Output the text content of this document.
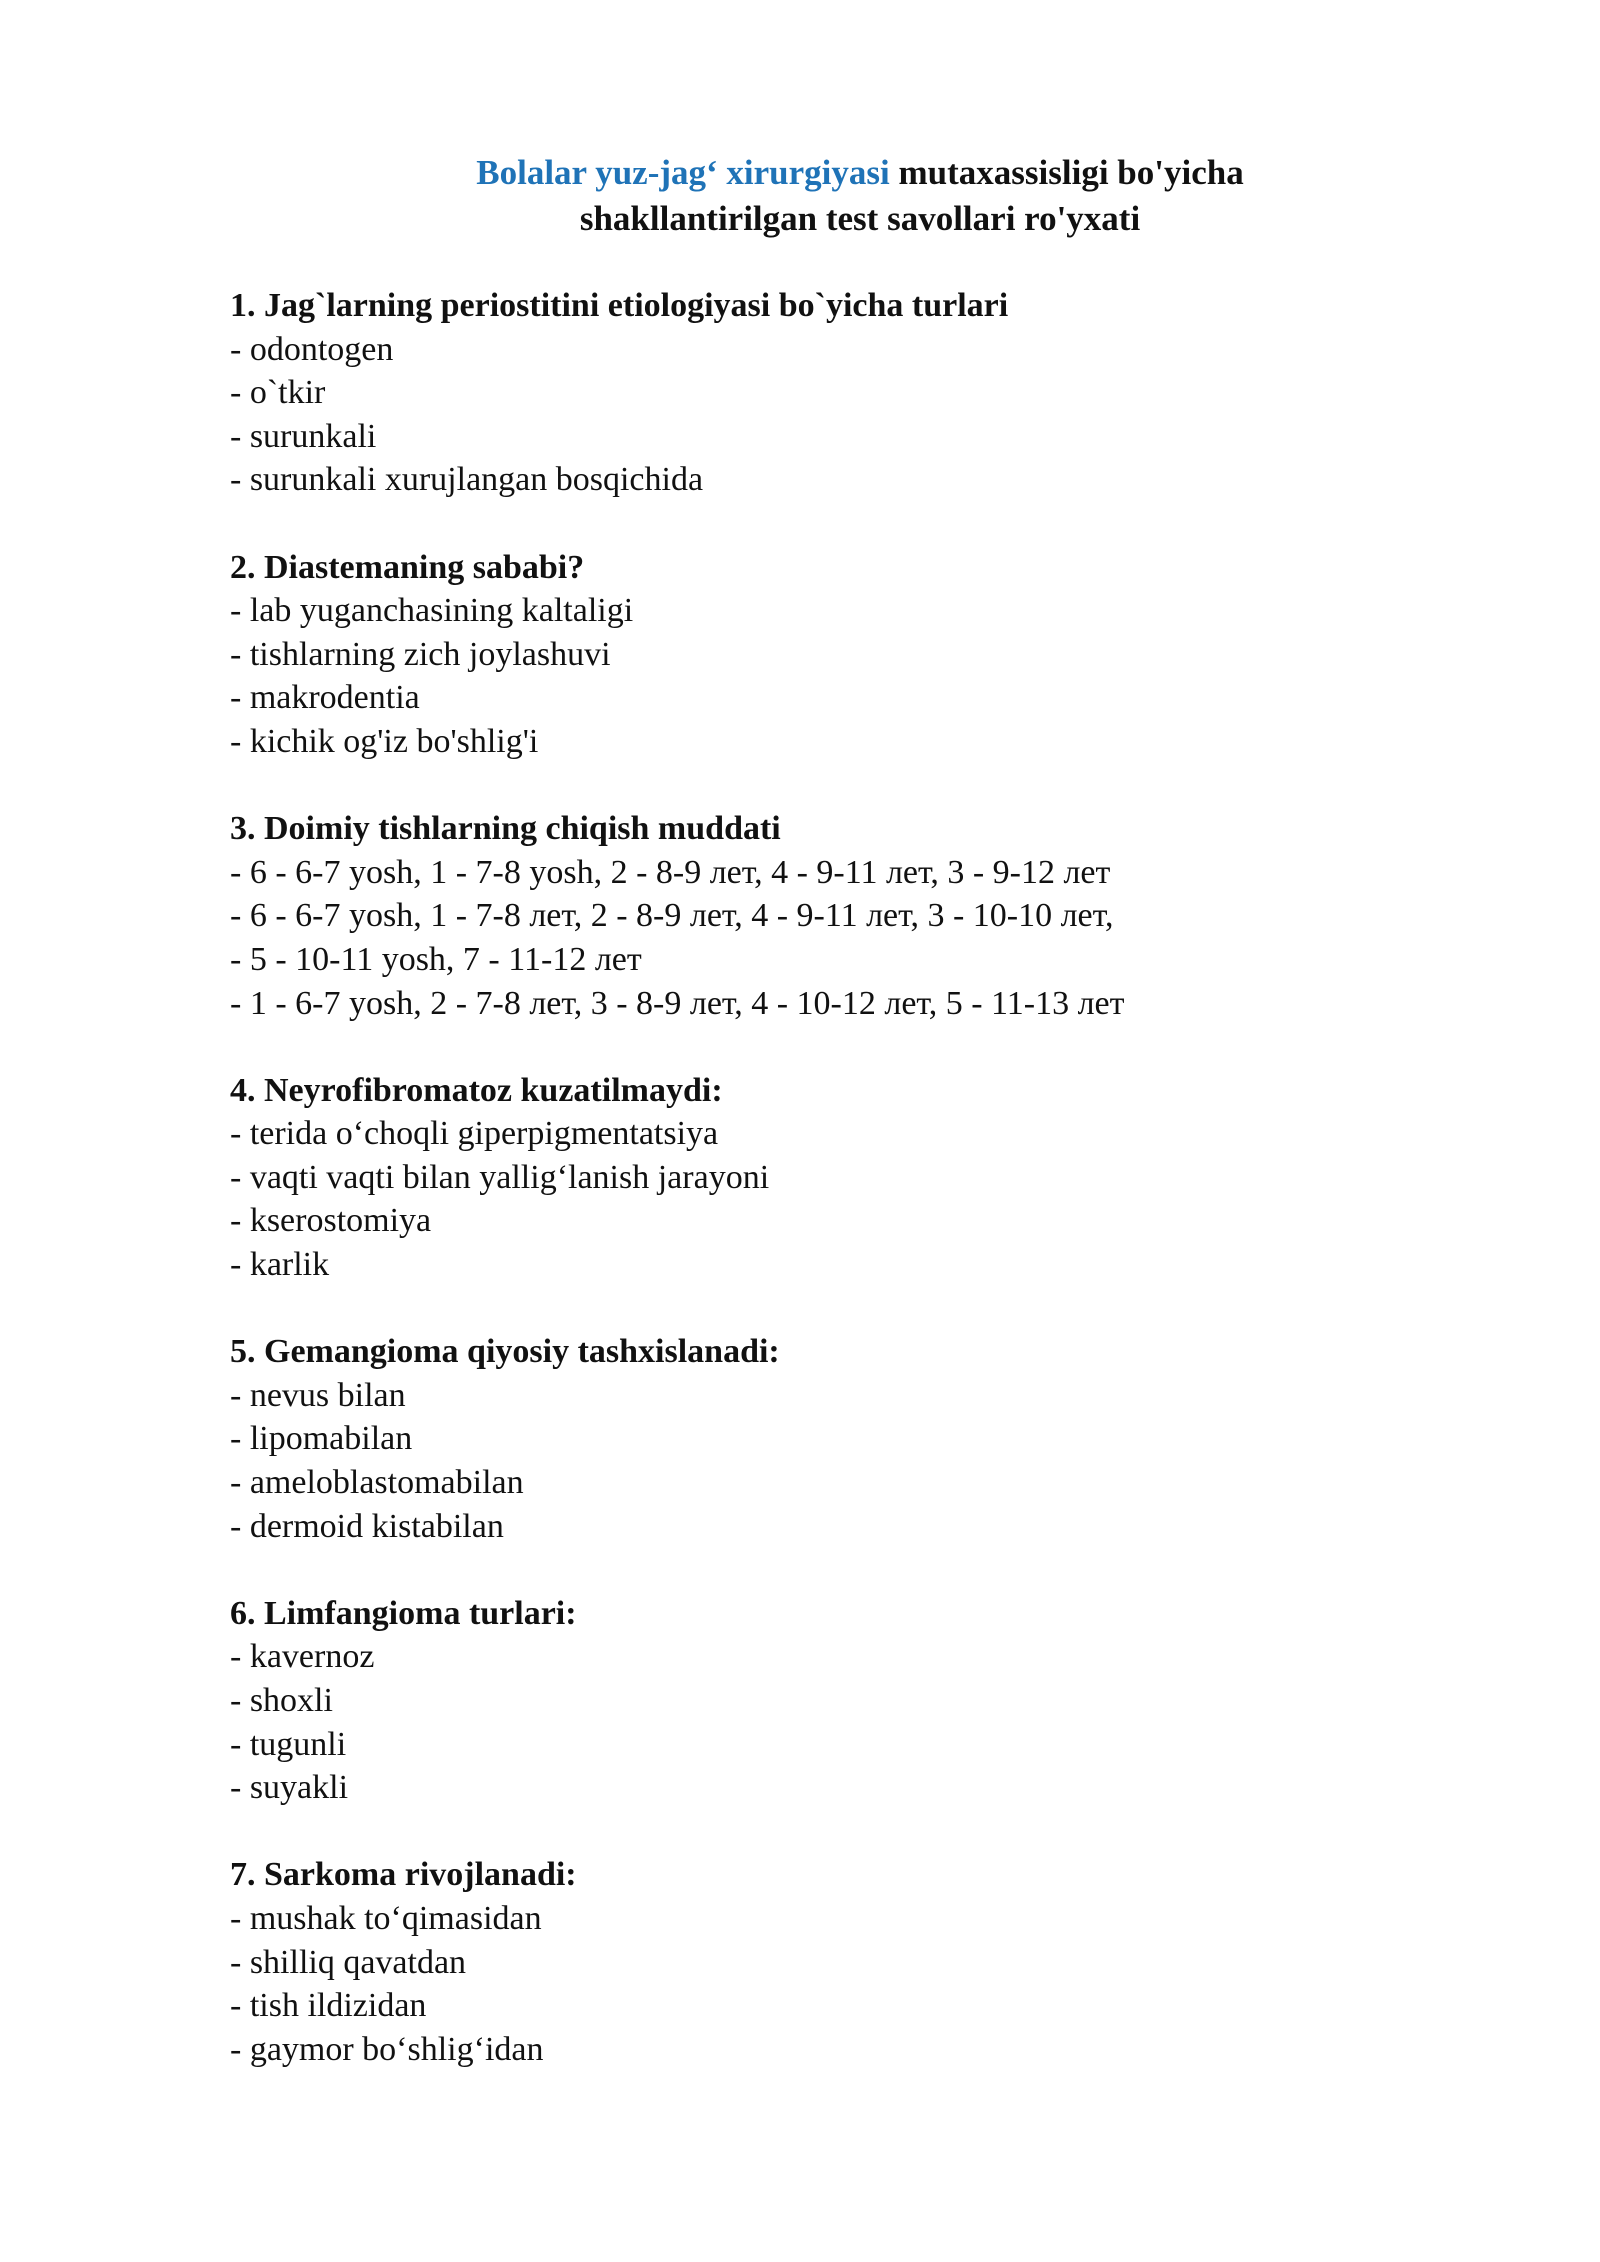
Bolalar yuz-jag‘ xirurgiyasi mutaxassisligi bo'yicha
shakllantirilgan test savollari ro'yxati
1. Jag`larning periostitini etiologiyasi bo`yicha turlari
- odontogen
- o`tkir
- surunkali
- surunkali xurujlangan bosqichida
2. Diastemaning sababi?
- lab yuganchasining kaltaligi
- tishlarning zich joylashuvi
- makrodentia
- kichik og'iz bo'shlig'i
3. Doimiy tishlarning chiqish muddati
- 6 - 6-7 yosh, 1 - 7-8 yosh, 2 - 8-9 лет, 4 - 9-11 лет, 3 - 9-12 лет
- 6 - 6-7 yosh, 1 - 7-8 лет, 2 - 8-9 лет, 4 - 9-11 лет, 3 - 10-10 лет,
- 5 - 10-11 yosh, 7 - 11-12 лет
- 1 - 6-7 yosh, 2 - 7-8 лет, 3 - 8-9 лет, 4 - 10-12 лет, 5 - 11-13 лет
4. Neyrofibromatoz kuzatilmaydi:
- terida o‘choqli giperpigmentatsiya
- vaqti vaqti bilan yallig‘lanish jarayoni
- kserostomiya
- karlik
5. Gemangioma qiyosiy tashxislanadi:
- nevus bilan
- lipomabilan
- ameloblastomabilan
- dermoid kistabilan
6. Limfangioma turlari:
- kavernoz
- shoxli
- tugunli
- suyakli
7. Sarkoma rivojlanadi:
- mushak to‘qimasidan
- shilliq qavatdan
- tish ildizidan
- gaymor bo‘shlig‘idan
